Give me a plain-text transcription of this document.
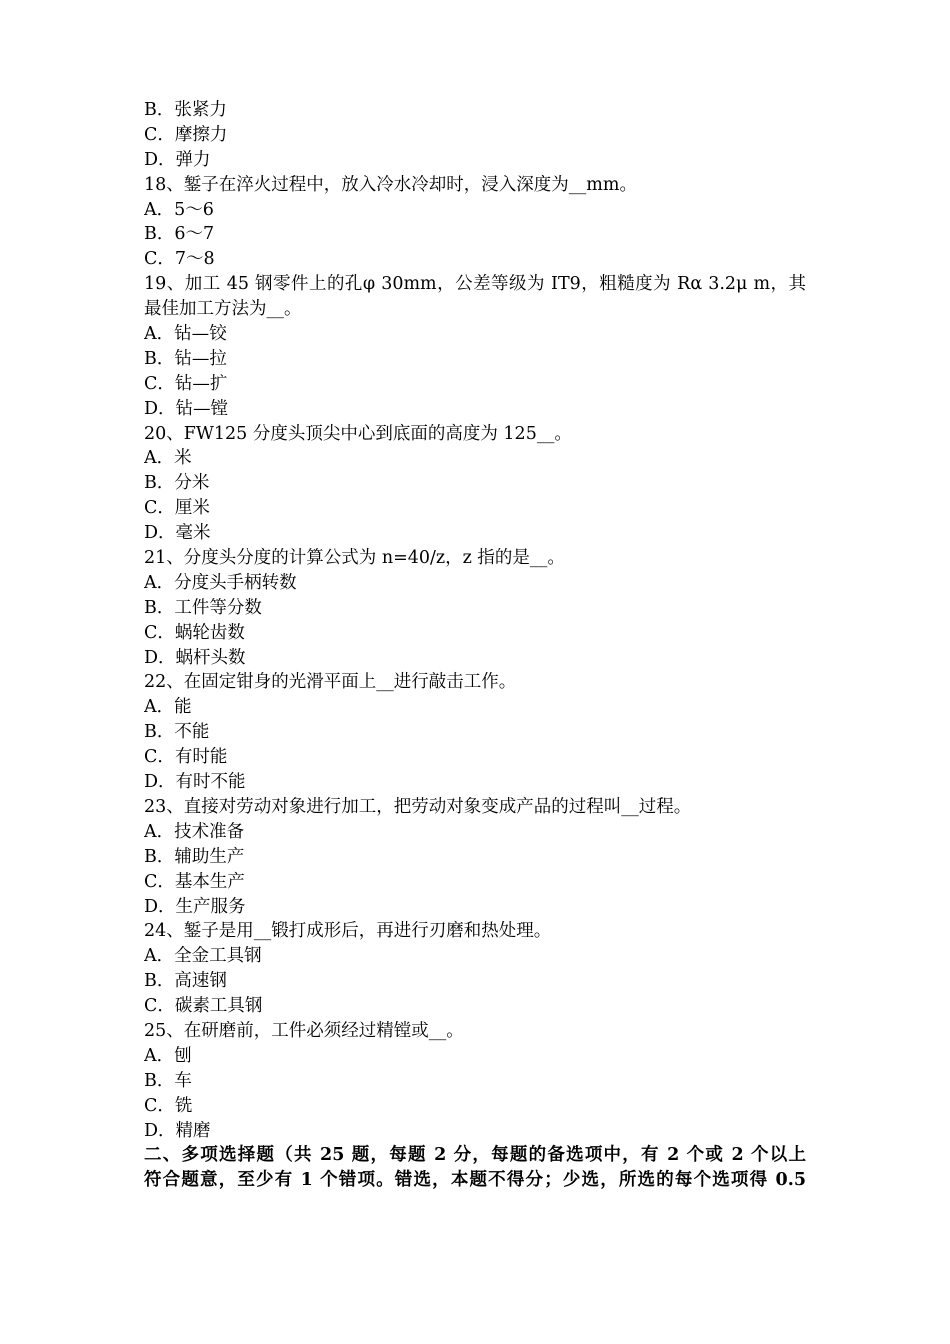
B．张紧力
C．摩擦力
D．弹力
18、錾子在淬火过程中，放入冷水冷却时，浸入深度为__mm。
A．5～6
B．6～7
C．7～8
19、加工 45 钢零件上的孔φ 30mm，公差等级为 IT9，粗糙度为 Rα 3.2μ m，其
最佳加工方法为__。
A．钻—铰
B．钻—拉
C．钻—扩
D．钻—镗
20、FW125 分度头顶尖中心到底面的高度为 125__。
A．米
B．分米
C．厘米
D．毫米
21、分度头分度的计算公式为 n=40/z，z 指的是__。
A．分度头手柄转数
B．工件等分数
C．蜗轮齿数
D．蜗杆头数
22、在固定钳身的光滑平面上__进行敲击工作。
A．能
B．不能
C．有时能
D．有时不能
23、直接对劳动对象进行加工，把劳动对象变成产品的过程叫__过程。
A．技术准备
B．辅助生产
C．基本生产
D．生产服务
24、錾子是用__锻打成形后，再进行刃磨和热处理。
A．全金工具钢
B．高速钢
C．碳素工具钢
25、在研磨前，工件必须经过精镗或__。
A．刨
B．车
C．铣
D．精磨
二、多项选择题（共 25 题，每题 2 分，每题的备选项中，有 2 个或 2 个以上
符合题意，至少有 1 个错项。错选，本题不得分；少选，所选的每个选项得 0.5
